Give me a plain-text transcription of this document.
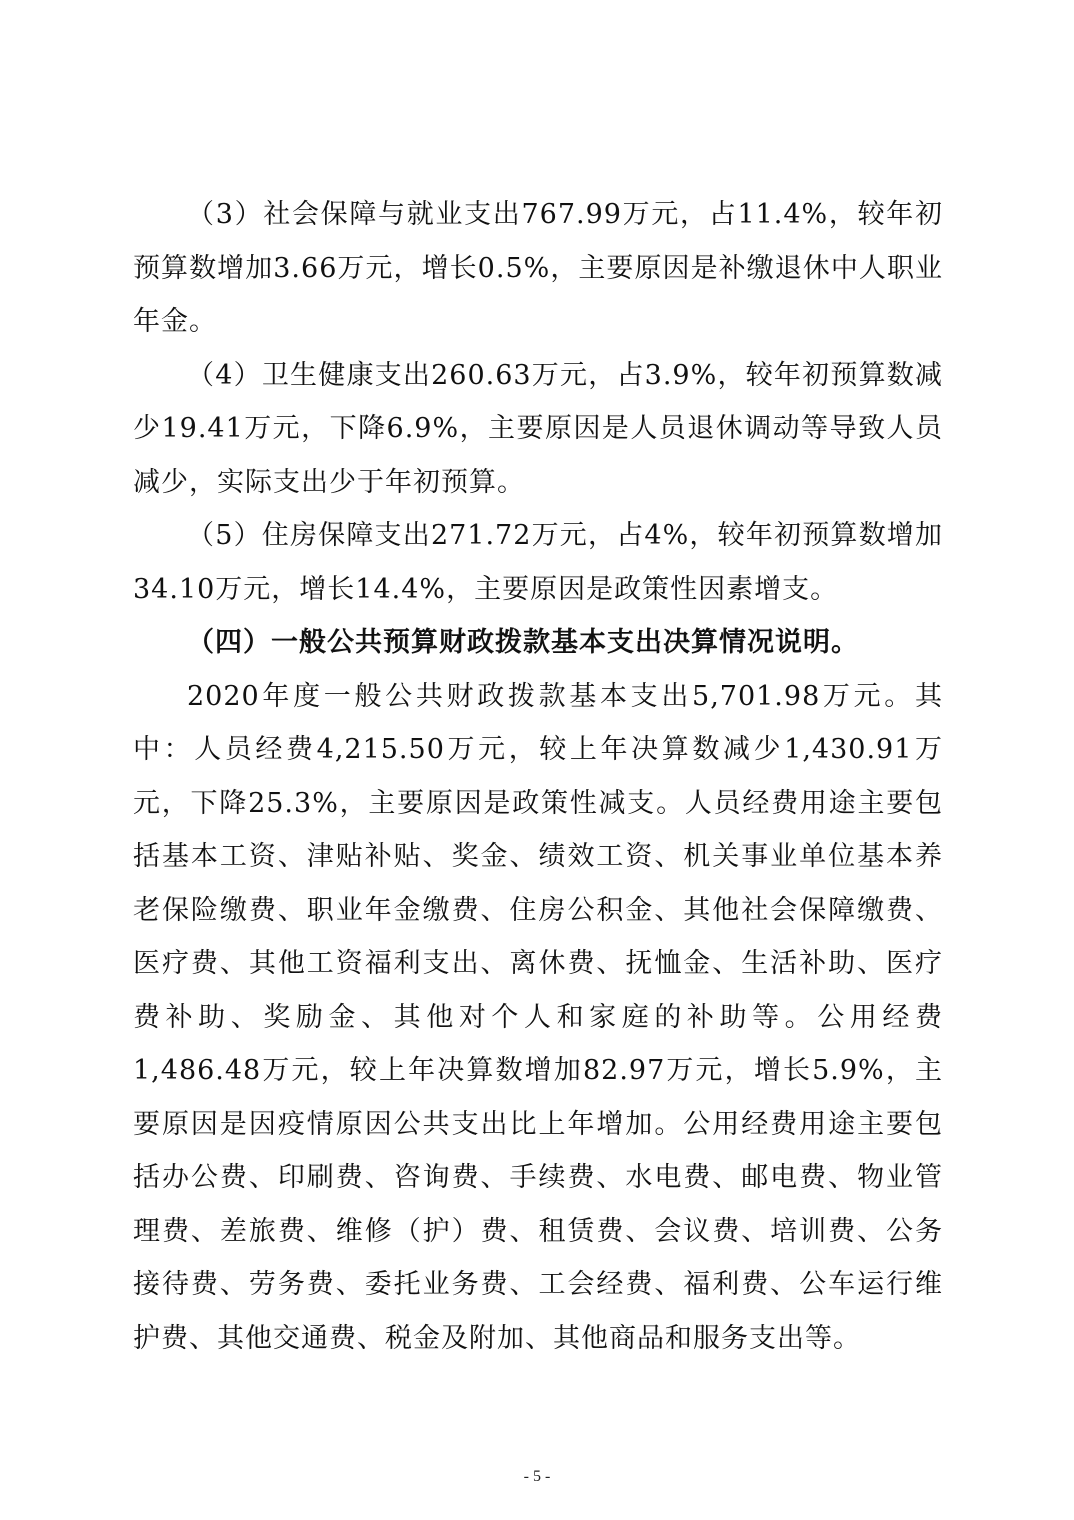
（3）社会保障与就业支出767.99万元，占11.4%，较年初预算数增加3.66万元，增长0.5%，主要原因是补缴退休中人职业年金。

（4）卫生健康支出260.63万元，占3.9%，较年初预算数减少19.41万元，下降6.9%，主要原因是人员退休调动等导致人员减少，实际支出少于年初预算。

（5）住房保障支出271.72万元，占4%，较年初预算数增加34.10万元，增长14.4%，主要原因是政策性因素增支。

（四）一般公共预算财政拨款基本支出决算情况说明。

2020年度一般公共财政拨款基本支出5,701.98万元。其中：人员经费4,215.50万元，较上年决算数减少1,430.91万元，下降25.3%，主要原因是政策性减支。人员经费用途主要包括基本工资、津贴补贴、奖金、绩效工资、机关事业单位基本养老保险缴费、职业年金缴费、住房公积金、其他社会保障缴费、医疗费、其他工资福利支出、离休费、抚恤金、生活补助、医疗费补助、奖励金、其他对个人和家庭的补助等。公用经费1,486.48万元，较上年决算数增加82.97万元，增长5.9%，主要原因是因疫情原因公共支出比上年增加。公用经费用途主要包括办公费、印刷费、咨询费、手续费、水电费、邮电费、物业管理费、差旅费、维修（护）费、租赁费、会议费、培训费、公务接待费、劳务费、委托业务费、工会经费、福利费、公车运行维护费、其他交通费、税金及附加、其他商品和服务支出等。

- 5 -
